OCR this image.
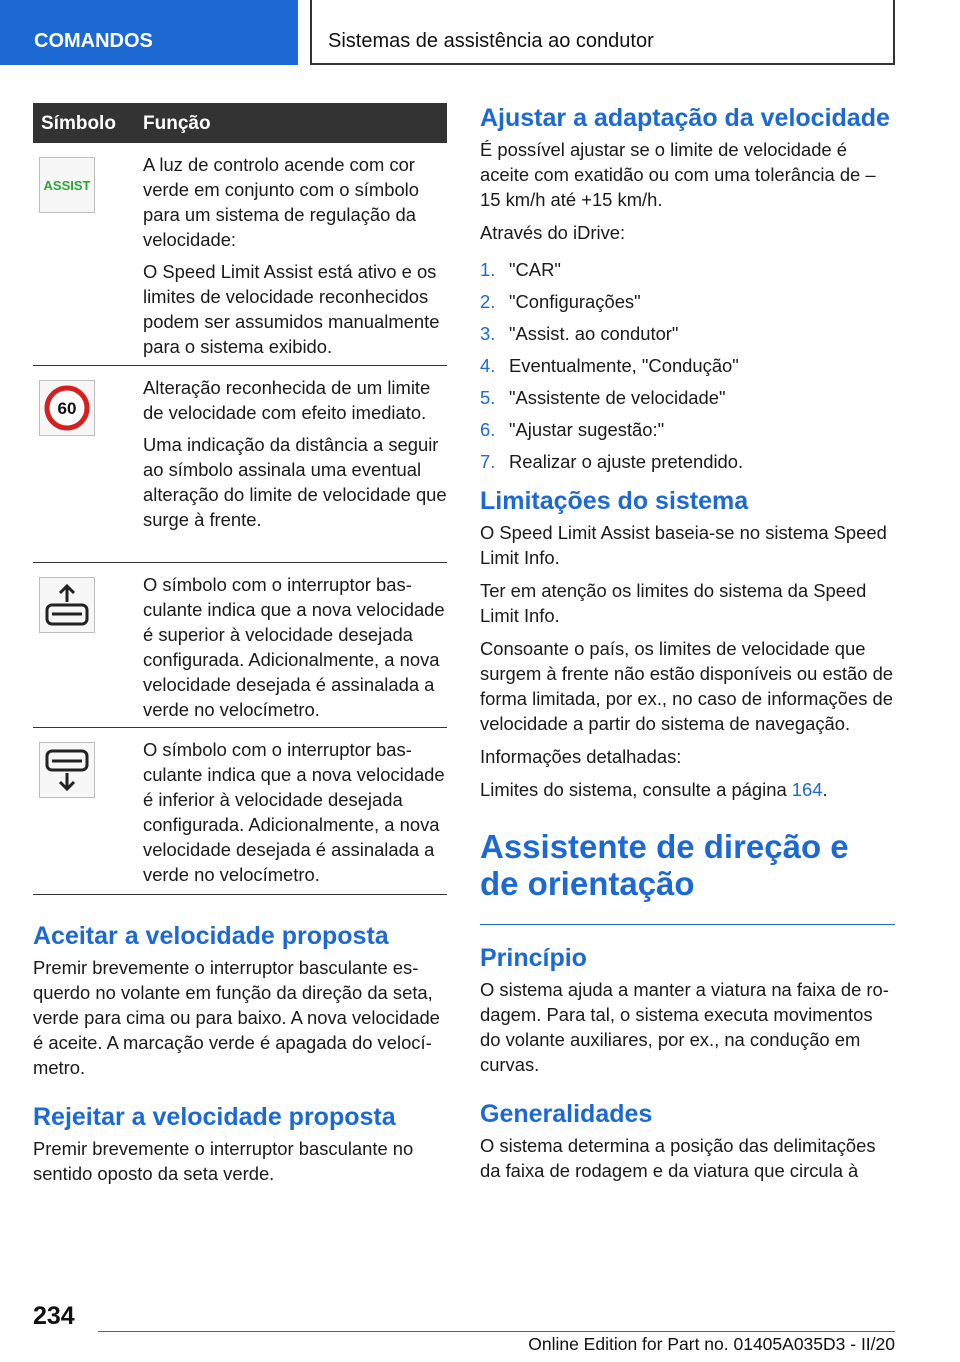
COMANDOS	Sistemas de assistência ao condutor
Símbolo Função
ASSIST

A luz de controlo acende com cor verde em conjunto com o símbolo para um sistema de regulação da velocidade:

O Speed Limit Assist está ativo e os limites de velocidade reconhecidos podem ser assumidos manualmente para o sistema exibido.

60

Alteração reconhecida de um limite de velocidade com efeito imediato.

Uma indicação da distância a seguir ao símbolo assinala uma eventual alteração do limite de velocidade que surge à frente.

O símbolo com o interruptor basculante indica que a nova velocidade é superior à velocidade desejada configurada. Adicionalmente, a nova velocidade desejada é assinalada a verde no velocímetro.

O símbolo com o interruptor basculante indica que a nova velocidade é inferior à velocidade desejada configurada. Adicionalmente, a nova velocidade desejada é assinalada a verde no velocímetro.

Aceitar a velocidade proposta

Premir brevemente o interruptor basculante esquerdo no volante em função da direção da seta, verde para cima ou para baixo. A nova velocidade é aceite. A marcação verde é apagada do velocímetro.

Rejeitar a velocidade proposta

Premir brevemente o interruptor basculante no sentido oposto da seta verde.

Ajustar a adaptação da velocidade

É possível ajustar se o limite de velocidade é aceite com exatidão ou com uma tolerância de –15 km/h até +15 km/h.

Através do iDrive:

1. "CAR"
2. "Configurações"
3. "Assist. ao condutor"
4. Eventualmente, "Condução"
5. "Assistente de velocidade"
6. "Ajustar sugestão:"
7. Realizar o ajuste pretendido.
Limitações do sistema

O Speed Limit Assist baseia-se no sistema Speed Limit Info.

Ter em atenção os limites do sistema da Speed Limit Info.

Consoante o país, os limites de velocidade que surgem à frente não estão disponíveis ou estão de forma limitada, por ex., no caso de informações de velocidade a partir do sistema de navegação.

Informações detalhadas:

Limites do sistema, consulte a página 164.

Assistente de direção e de orientação
Princípio

O sistema ajuda a manter a viatura na faixa de rodagem. Para tal, o sistema executa movimentos do volante auxiliares, por ex., na condução em curvas.

Generalidades

O sistema determina a posição das delimitações da faixa de rodagem e da viatura que circula à

234
Online Edition for Part no. 01405A035D3 - II/20
